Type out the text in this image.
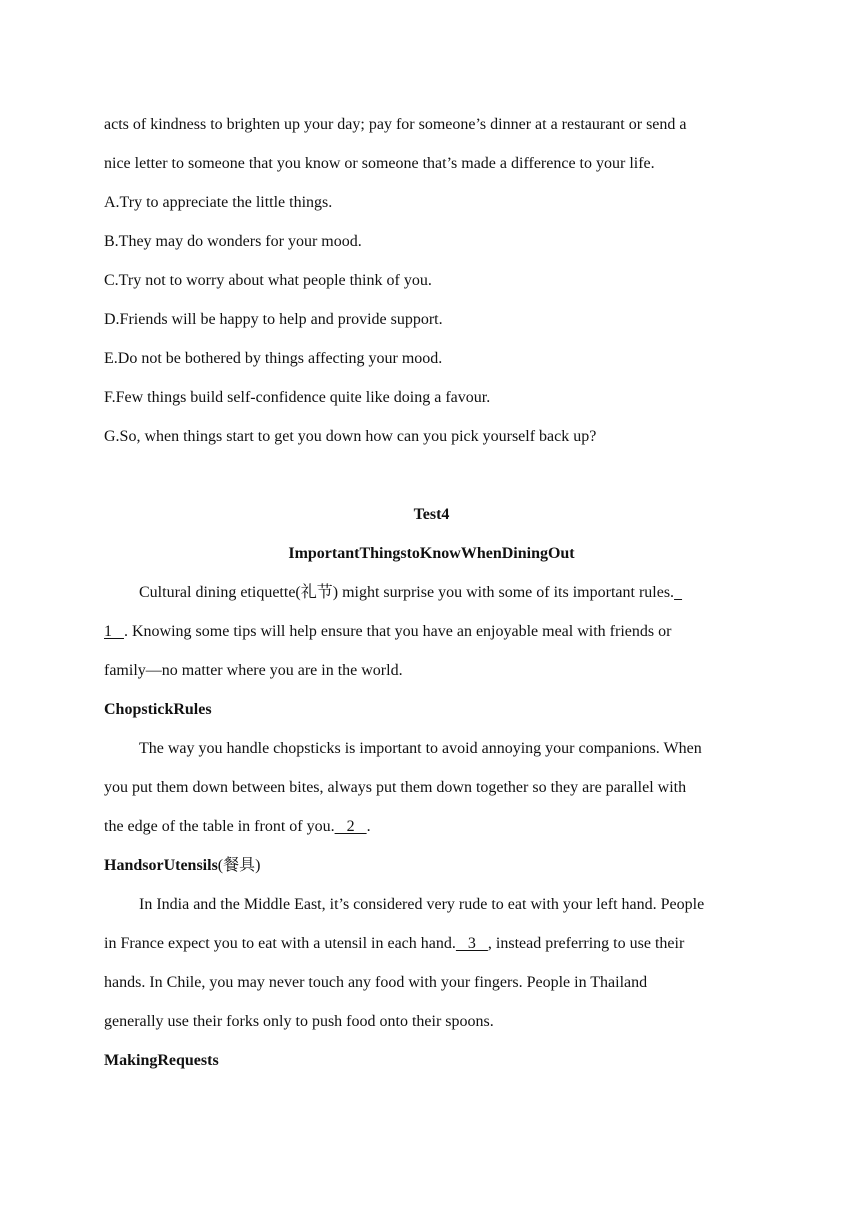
acts of kindness to brighten up your day; pay for someone’s dinner at a restaurant or send a
nice letter to someone that you know or someone that’s made a difference to your life.
A.Try to appreciate the little things.
B.They may do wonders for your mood.
C.Try not to worry about what people think of you.
D.Friends will be happy to help and provide support.
E.Do not be bothered by things affecting your mood.
F.Few things build self-confidence quite like doing a favour.
G.So, when things start to get you down how can you pick yourself back up?
Test4
ImportantThingstoKnowWhenDiningOut
Cultural dining etiquette(礼节) might surprise you with some of its important rules.
1   . Knowing some tips will help ensure that you have an enjoyable meal with friends or
family—no matter where you are in the world.
ChopstickRules
The way you handle chopsticks is important to avoid annoying your companions. When
you put them down between bites, always put them down together so they are parallel with
the edge of the table in front of you.   2   .
HandsorUtensils(餐具)
In India and the Middle East, it’s considered very rude to eat with your left hand. People
in France expect you to eat with a utensil in each hand.   3   , instead preferring to use their
hands. In Chile, you may never touch any food with your fingers. People in Thailand
generally use their forks only to push food onto their spoons.
MakingRequests
